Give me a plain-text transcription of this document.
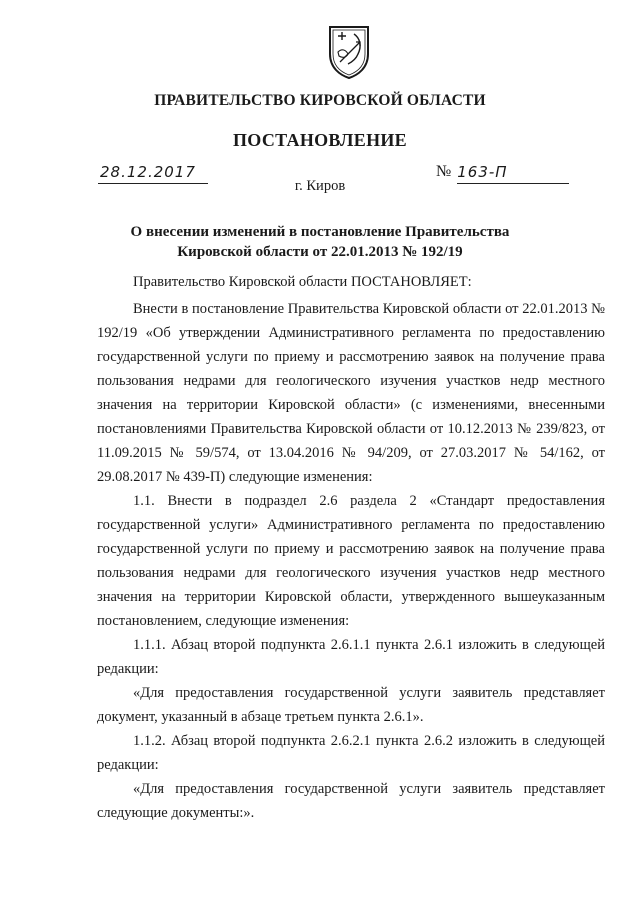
ПРАВИТЕЛЬСТВО КИРОВСКОЙ ОБЛАСТИ
ПОСТАНОВЛЕНИЕ
28.12.2017	№ 163-П
г. Киров
О внесении изменений в постановление Правительства
Кировской области от 22.01.2013 № 192/19

Правительство Кировской области ПОСТАНОВЛЯЕТ:

Внести в постановление Правительства Кировской области от 22.01.2013 № 192/19 «Об утверждении Административного регламента по предоставлению государственной услуги по приему и рассмотрению заявок на получение права пользования недрами для геологического изучения участков недр местного значения на территории Кировской области» (с изменениями, внесенными постановлениями Правительства Кировской области от 10.12.2013 № 239/823, от 11.09.2015 № 59/574, от 13.04.2016 № 94/209, от 27.03.2017 № 54/162, от 29.08.2017 № 439-П) следующие изменения:

1.1. Внести в подраздел 2.6 раздела 2 «Стандарт предоставления государственной услуги» Административного регламента по предоставлению государственной услуги по приему и рассмотрению заявок на получение права пользования недрами для геологического изучения участков недр местного значения на территории Кировской области, утвержденного вышеуказанным постановлением, следующие изменения:

1.1.1. Абзац второй подпункта 2.6.1.1 пункта 2.6.1 изложить в следующей редакции:

«Для предоставления государственной услуги заявитель представляет документ, указанный в абзаце третьем пункта 2.6.1».

1.1.2. Абзац второй подпункта 2.6.2.1 пункта 2.6.2 изложить в следующей редакции:

«Для предоставления государственной услуги заявитель представляет следующие документы:».
